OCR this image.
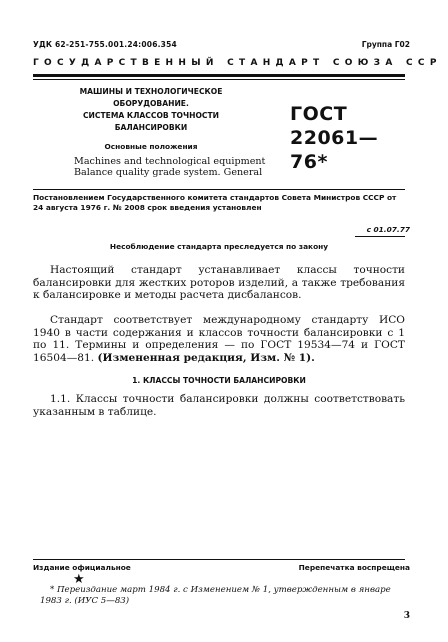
УДК 62-251-755.001.24:006.354	Группа Г02
ГОСУДАРСТВЕННЫЙ СТАНДАРТ СОЮЗА ССР
МАШИНЫ И ТЕХНОЛОГИЧЕСКОЕ
ОБОРУДОВАНИЕ.
СИСТЕМА КЛАССОВ ТОЧНОСТИ
БАЛАНСИРОВКИ
ГОСТ
22061—76*
Основные положения
Machines and technological equipment
Balance quality grade system. General
Постановлением Государственного комитета стандартов Совета Министров СССР от 24 августа 1976 г. № 2008 срок введения установлен
с 01.07.77
Несоблюдение стандарта преследуется по закону
Настоящий стандарт устанавливает классы точности балансировки для жестких роторов изделий, а также требования к балансировке и методы расчета дисбалансов.
Стандарт соответствует международному стандарту ИСО 1940 в части содержания и классов точности балансировки с 1 по 11. Термины и определения — по ГОСТ 19534—74 и ГОСТ 16504—81. (Измененная редакция, Изм. № 1).
1. КЛАССЫ ТОЧНОСТИ БАЛАНСИРОВКИ
1.1. Классы точности балансировки должны соответствовать указанным в таблице.
Издание официальное	Перепечатка воспрещена
★
* Переиздание март 1984 г. с Изменением № 1, утвержденным в январе 1983 г. (ИУС 5—83)
3
